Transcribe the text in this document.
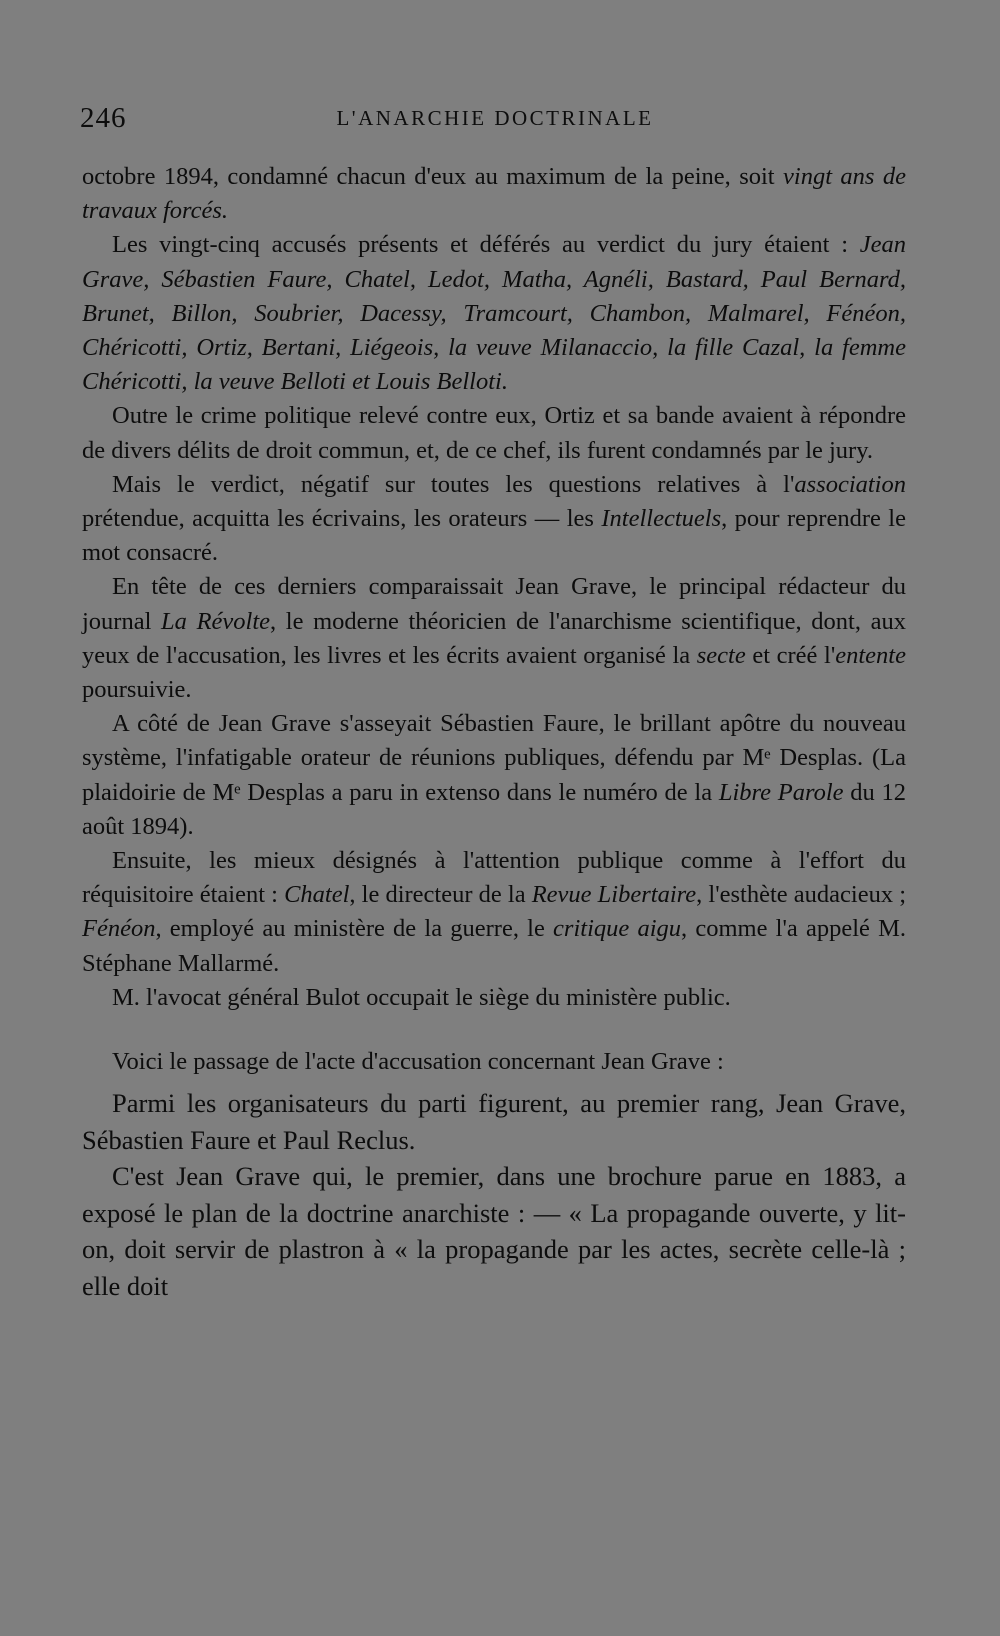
246	L'ANARCHIE DOCTRINALE

octobre 1894, condamné chacun d'eux au maximum de la peine, soit vingt ans de travaux forcés.

Les vingt-cinq accusés présents et déférés au verdict du jury étaient : Jean Grave, Sébastien Faure, Chatel, Ledot, Matha, Agnéli, Bastard, Paul Bernard, Brunet, Billon, Soubrier, Dacessy, Tramcourt, Chambon, Malmarel, Fénéon, Chéricotti, Ortiz, Bertani, Liégeois, la veuve Milanaccio, la fille Cazal, la femme Chéricotti, la veuve Belloti et Louis Belloti.

Outre le crime politique relevé contre eux, Ortiz et sa bande avaient à répondre de divers délits de droit commun, et, de ce chef, ils furent condamnés par le jury.

Mais le verdict, négatif sur toutes les questions relatives à l'association prétendue, acquitta les écrivains, les orateurs — les Intellectuels, pour reprendre le mot consacré.

En tête de ces derniers comparaissait Jean Grave, le principal rédacteur du journal La Révolte, le moderne théoricien de l'anarchisme scientifique, dont, aux yeux de l'accusation, les livres et les écrits avaient organisé la secte et créé l'entente poursuivie.

A côté de Jean Grave s'asseyait Sébastien Faure, le brillant apôtre du nouveau système, l'infatigable orateur de réunions publiques, défendu par Mᵉ Desplas. (La plaidoirie de Mᵉ Desplas a paru in extenso dans le numéro de la Libre Parole du 12 août 1894).

Ensuite, les mieux désignés à l'attention publique comme à l'effort du réquisitoire étaient : Chatel, le directeur de la Revue Libertaire, l'esthète audacieux ; Fénéon, employé au ministère de la guerre, le critique aigu, comme l'a appelé M. Stéphane Mallarmé.

M. l'avocat général Bulot occupait le siège du ministère public.

Voici le passage de l'acte d'accusation concernant Jean Grave :

Parmi les organisateurs du parti figurent, au premier rang, Jean Grave, Sébastien Faure et Paul Reclus.

C'est Jean Grave qui, le premier, dans une brochure parue en 1883, a exposé le plan de la doctrine anarchiste : — « La propagande ouverte, y lit-on, doit servir de plastron à « la propagande par les actes, secrète celle-là ; elle doit
